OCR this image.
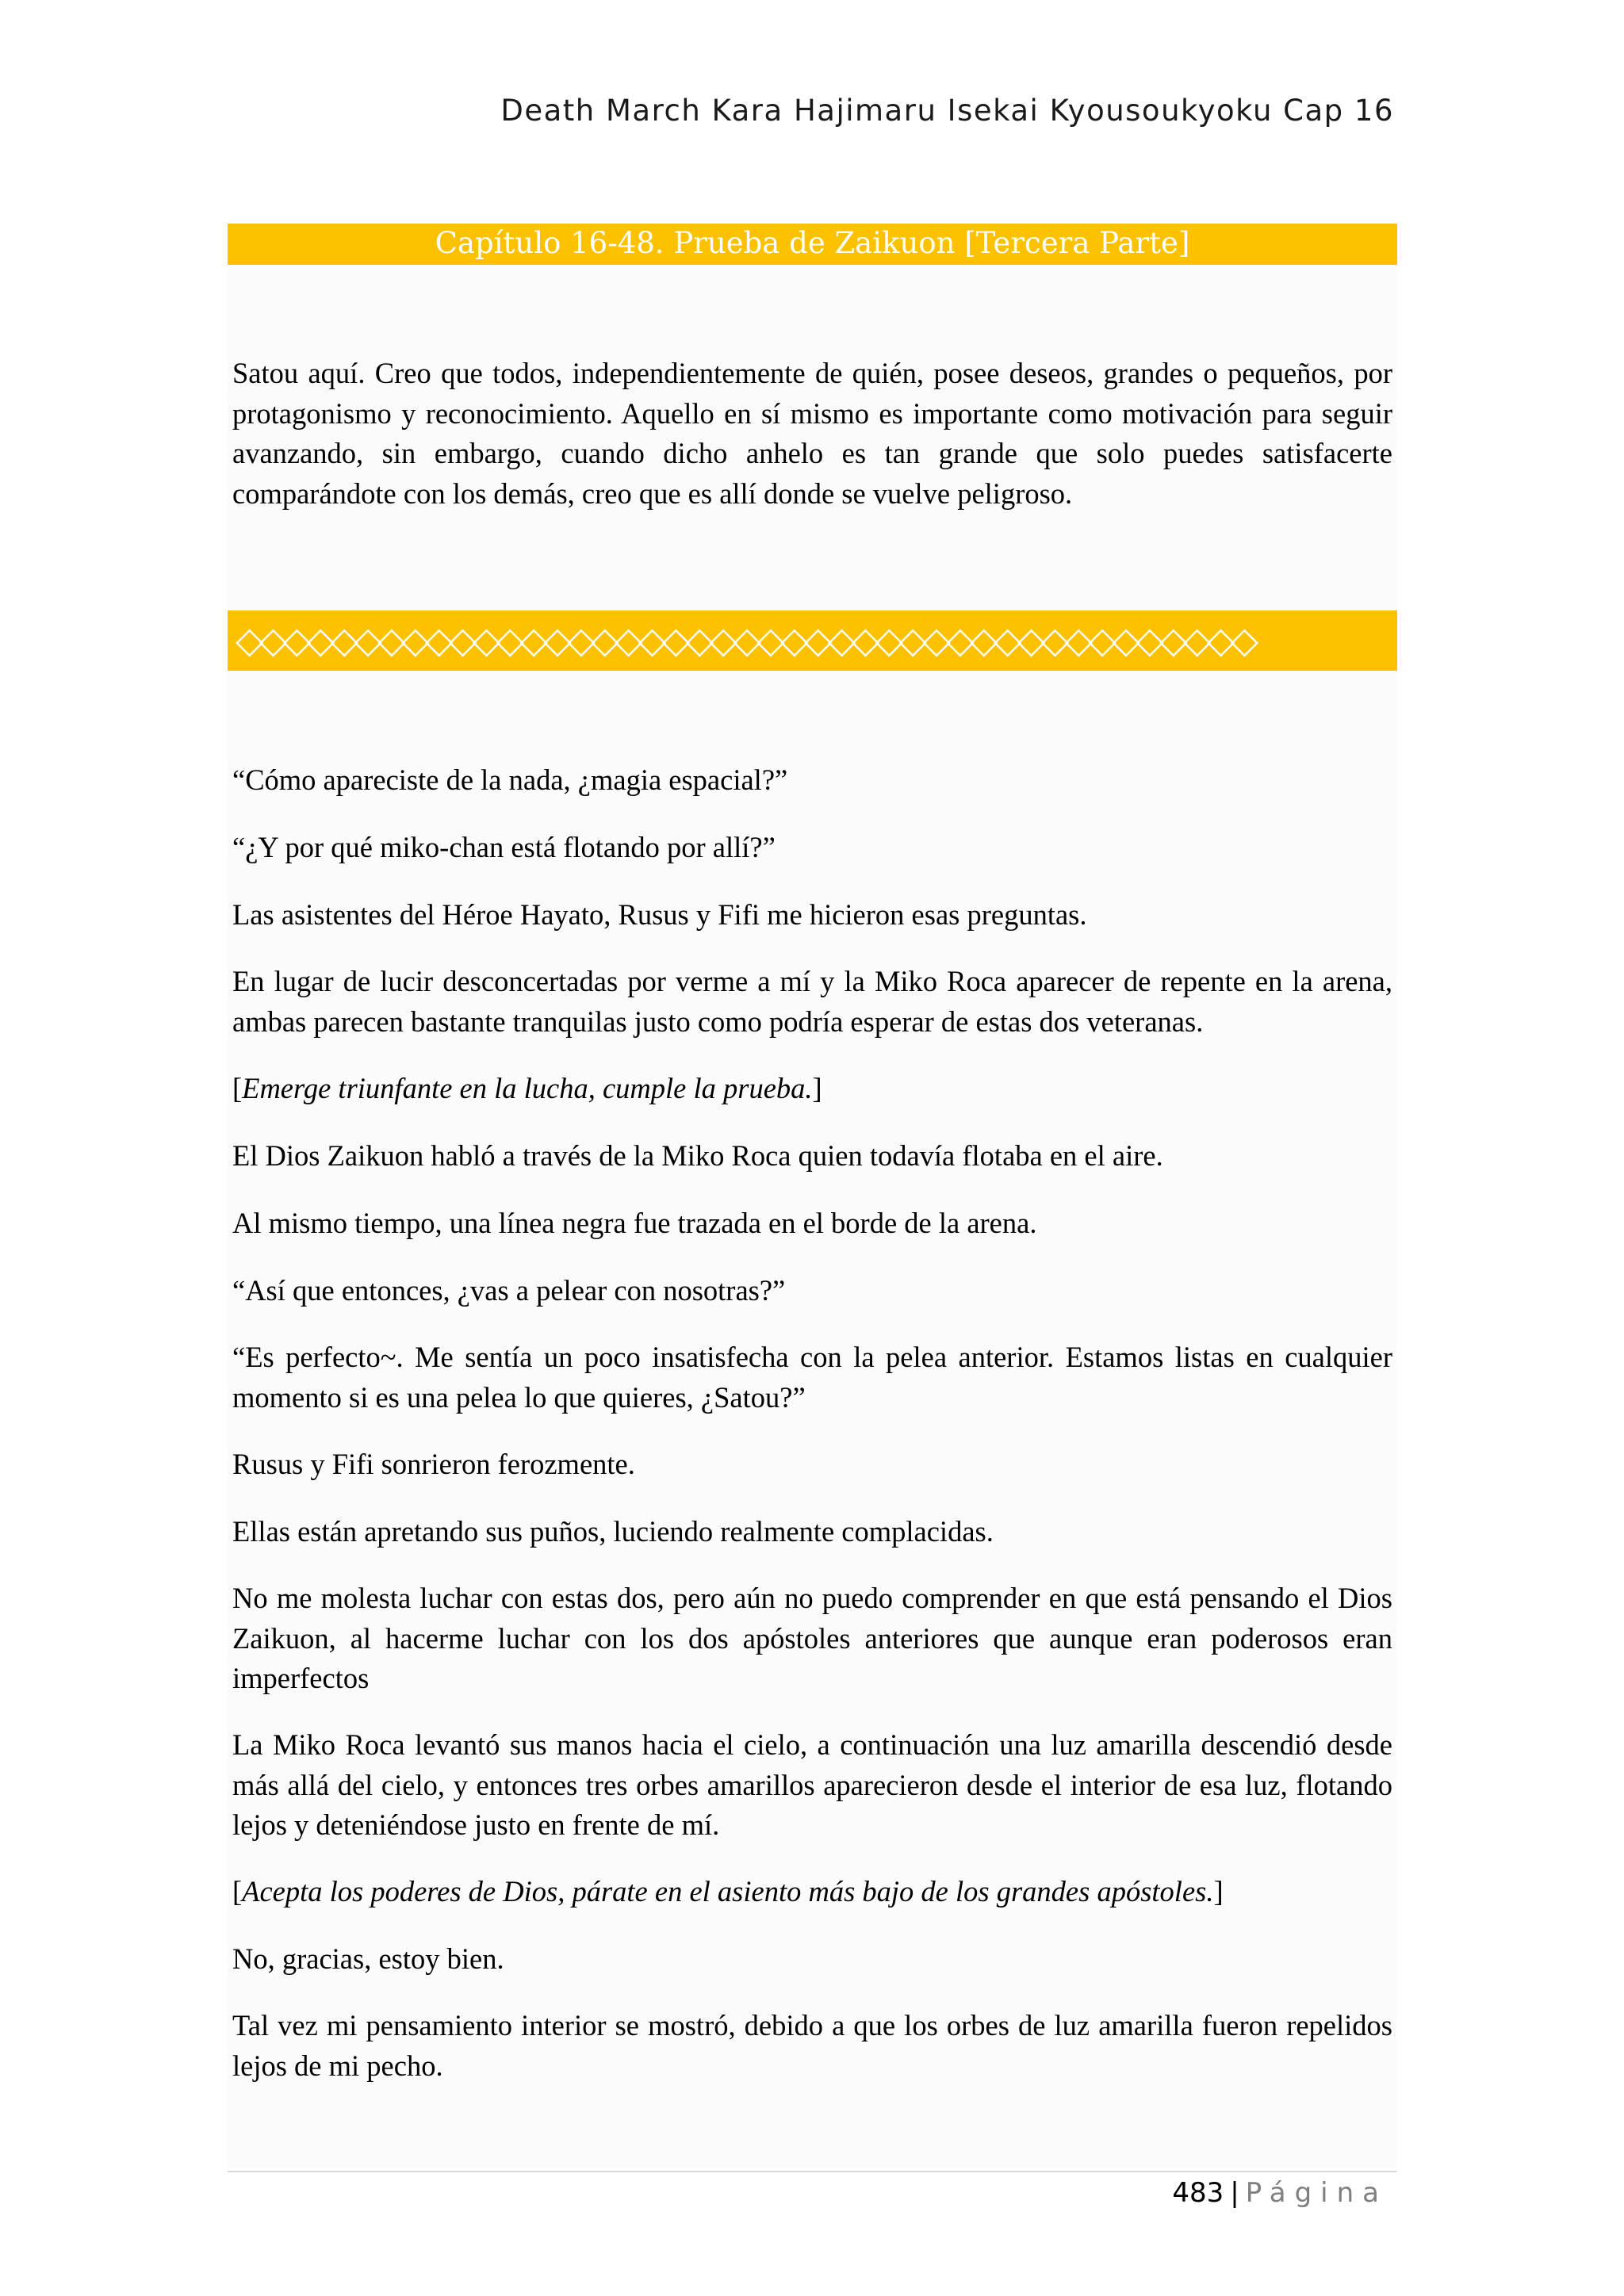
Death March Kara Hajimaru Isekai Kyousoukyoku Cap 16
Capítulo 16-48. Prueba de Zaikuon [Tercera Parte]

Satou aquí. Creo que todos, independientemente de quién, posee deseos, grandes o pequeños, por protagonismo y reconocimiento. Aquello en sí mismo es importante como motivación para seguir avanzando, sin embargo, cuando dicho anhelo es tan grande que solo puedes satisfacerte comparándote con los demás, creo que es allí donde se vuelve peligroso.

◇◇◇◇◇◇◇◇◇◇◇◇◇◇◇◇◇◇◇◇◇◇◇◇◇◇◇◇◇◇◇◇◇◇◇◇◇◇◇◇◇◇◇

“Cómo apareciste de la nada, ¿magia espacial?”

“¿Y por qué miko-chan está flotando por allí?”

Las asistentes del Héroe Hayato, Rusus y Fifi me hicieron esas preguntas.

En lugar de lucir desconcertadas por verme a mí y la Miko Roca aparecer de repente en la arena, ambas parecen bastante tranquilas justo como podría esperar de estas dos veteranas.

[Emerge triunfante en la lucha, cumple la prueba.]

El Dios Zaikuon habló a través de la Miko Roca quien todavía flotaba en el aire.

Al mismo tiempo, una línea negra fue trazada en el borde de la arena.

“Así que entonces, ¿vas a pelear con nosotras?”

“Es perfecto~. Me sentía un poco insatisfecha con la pelea anterior. Estamos listas en cualquier momento si es una pelea lo que quieres, ¿Satou?”

Rusus y Fifi sonrieron ferozmente.

Ellas están apretando sus puños, luciendo realmente complacidas.

No me molesta luchar con estas dos, pero aún no puedo comprender en que está pensando el Dios Zaikuon, al hacerme luchar con los dos apóstoles anteriores que aunque eran poderosos eran imperfectos

La Miko Roca levantó sus manos hacia el cielo, a continuación una luz amarilla descendió desde más allá del cielo, y entonces tres orbes amarillos aparecieron desde el interior de esa luz, flotando lejos y deteniéndose justo en frente de mí.

[Acepta los poderes de Dios, párate en el asiento más bajo de los grandes apóstoles.]

No, gracias, estoy bien.

Tal vez mi pensamiento interior se mostró, debido a que los orbes de luz amarilla fueron repelidos lejos de mi pecho.

483 | Página
